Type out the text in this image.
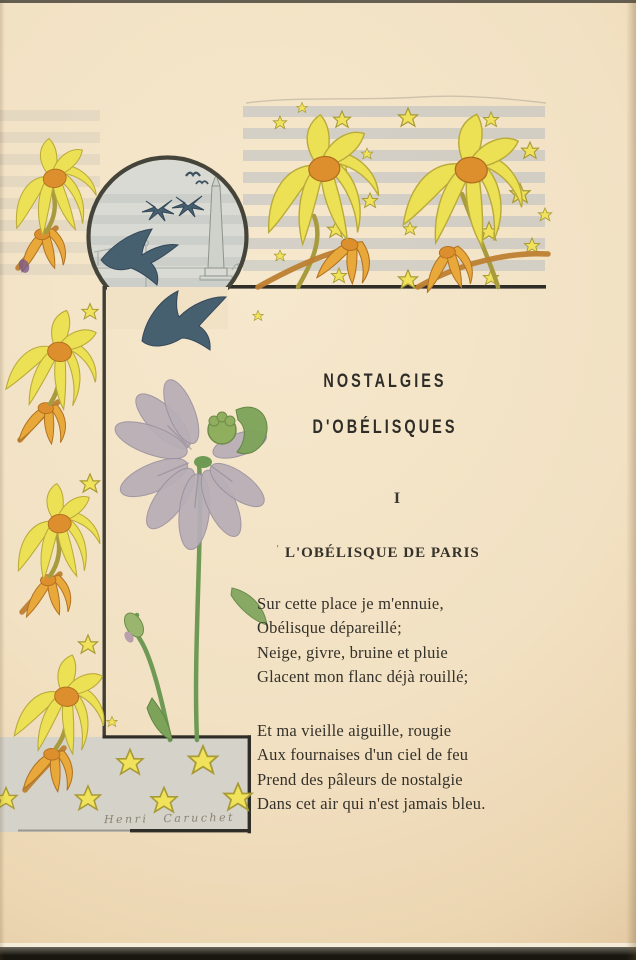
NOSTALGIES
D'OBÉLISQUES
I
' L'OBÉLISQUE DE PARIS
Sur cette place je m'ennuie,
Obélisque dépareillé;
Neige, givre, bruine et pluie
Glacent mon flanc déjà rouillé;
Et ma vieille aiguille, rougie
Aux fournaises d'un ciel de feu
Prend des pâleurs de nostalgie
Dans cet air qui n'est jamais bleu.
Henri Caruchet
